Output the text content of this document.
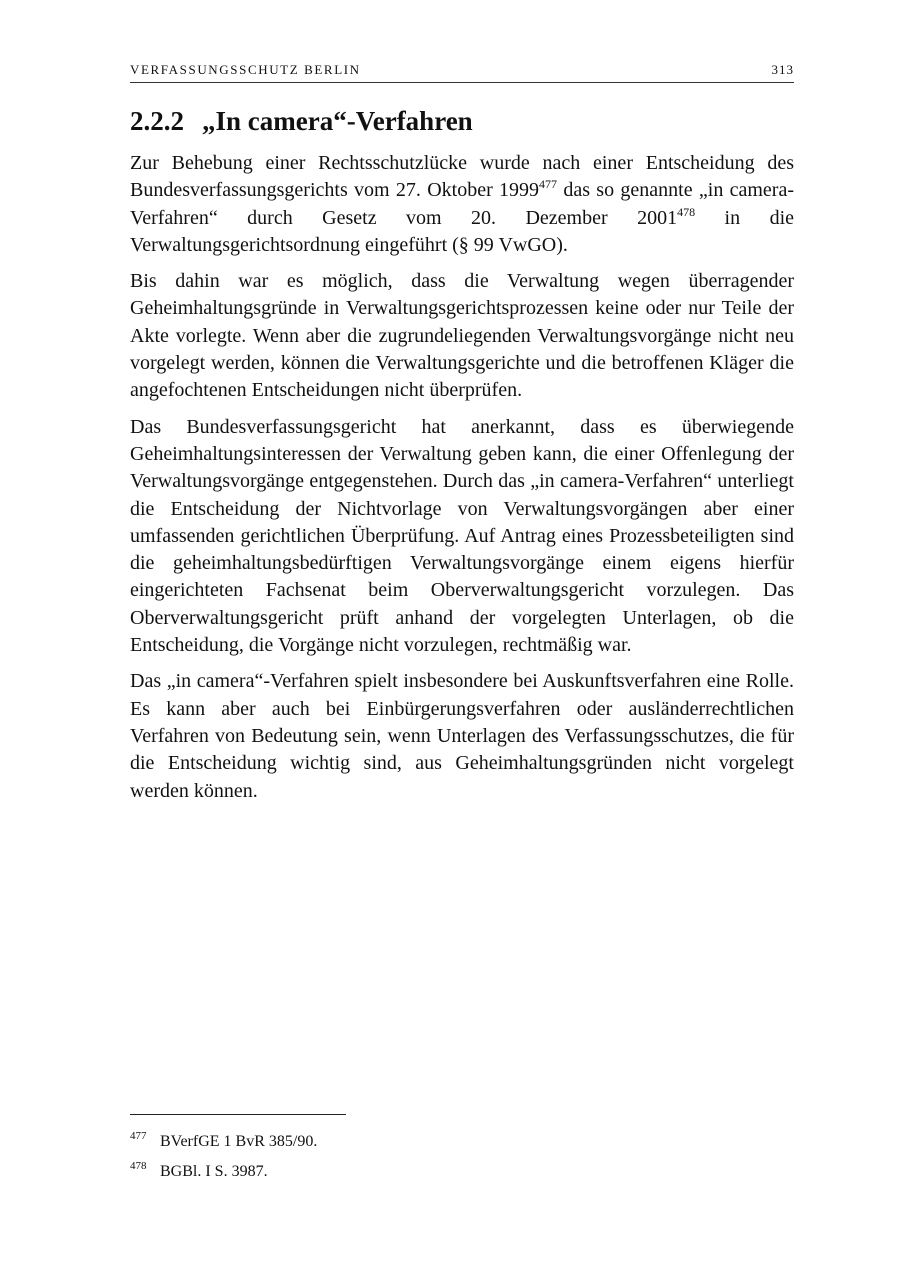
VERFASSUNGSSCHUTZ BERLIN	313
2.2.2 „In camera“-Verfahren

Zur Behebung einer Rechtsschutzlücke wurde nach einer Entscheidung des Bundesverfassungsgerichts vom 27. Oktober 1999$^{477}$ das so genannte „in camera-Verfahren“ durch Gesetz vom 20. Dezember 2001$^{478}$ in die Verwaltungsgerichtsordnung eingeführt (§ 99 VwGO).

Bis dahin war es möglich, dass die Verwaltung wegen überragender Geheimhaltungsgründe in Verwaltungsgerichtsprozessen keine oder nur Teile der Akte vorlegte. Wenn aber die zugrundeliegenden Verwaltungsvorgänge nicht neu vorgelegt werden, können die Verwaltungsgerichte und die betroffenen Kläger die angefochtenen Entscheidungen nicht überprüfen.

Das Bundesverfassungsgericht hat anerkannt, dass es überwiegende Geheimhaltungsinteressen der Verwaltung geben kann, die einer Offenlegung der Verwaltungsvorgänge entgegenstehen. Durch das „in camera-Verfahren“ unterliegt die Entscheidung der Nichtvorlage von Verwaltungsvorgängen aber einer umfassenden gerichtlichen Überprüfung. Auf Antrag eines Prozessbeteiligten sind die geheimhaltungsbedürftigen Verwaltungsvorgänge einem eigens hierfür eingerichteten Fachsenat beim Oberverwaltungsgericht vorzulegen. Das Oberverwaltungsgericht prüft anhand der vorgelegten Unterlagen, ob die Entscheidung, die Vorgänge nicht vorzulegen, rechtmäßig war.

Das „in camera“-Verfahren spielt insbesondere bei Auskunftsverfahren eine Rolle. Es kann aber auch bei Einbürgerungsverfahren oder ausländerrechtlichen Verfahren von Bedeutung sein, wenn Unterlagen des Verfassungsschutzes, die für die Entscheidung wichtig sind, aus Geheimhaltungsgründen nicht vorgelegt werden können.

477 BVerfGE 1 BvR 385/90.
478 BGBl. I S. 3987.
